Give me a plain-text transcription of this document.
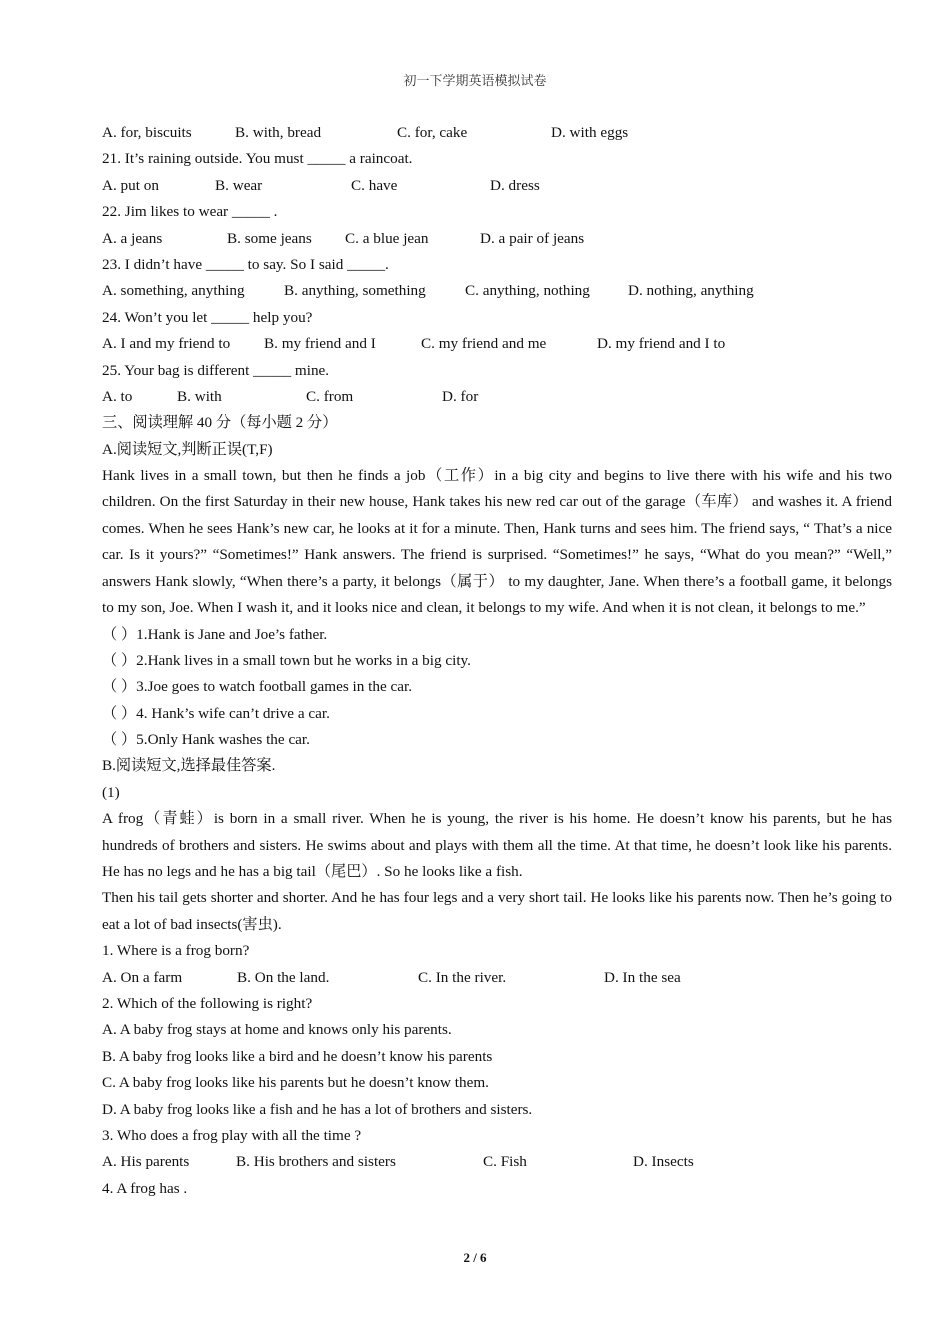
初一下学期英语模拟试卷
A. for, biscuits	B. with, bread	C. for, cake	D. with eggs
21. It’s raining outside. You must _____ a raincoat.
A. put on	B. wear	C. have	D. dress
22. Jim likes to wear _____ .
A. a jeans	B. some jeans C. a blue jean	D. a pair of jeans
23. I didn’t have _____ to say. So I said _____.
A. something, anything	B. anything, something	C. anything, nothing	D. nothing, anything
24. Won’t you let _____ help you?
A. I and my friend to B. my friend and I	C. my friend and me	D. my friend and I to
25. Your bag is different _____ mine.
A. to	B. with	C. from	D. for
三、阅读理解 40 分（每小题 2 分）
A.阅读短文,判断正误(T,F)

Hank lives in a small town, but then he finds a job（工作）in a big city and begins to live there with his wife and his two children. On the first Saturday in their new house, Hank takes his new red car out of the garage（车库） and washes it. A friend comes. When he sees Hank’s new car, he looks at it for a minute. Then, Hank turns and sees him. The friend says, “ That’s a nice car. Is it yours?” “Sometimes!” Hank answers. The friend is surprised. “Sometimes!” he says, “What do you mean?” “Well,” answers Hank slowly, “When there’s a party, it belongs（属于） to my daughter, Jane. When there’s a football game, it belongs to my son, Joe. When I wash it, and it looks nice and clean, it belongs to my wife. And when it is not clean, it belongs to me.”

（ ）1.Hank is Jane and Joe’s father.
（ ）2.Hank lives in a small town but he works in a big city.
（ ）3.Joe goes to watch football games in the car.
（ ）4. Hank’s wife can’t drive a car.
（ ）5.Only Hank washes the car.
B.阅读短文,选择最佳答案.
(1)

A frog（青蛙）is born in a small river. When he is young, the river is his home. He doesn’t know his parents, but he has hundreds of brothers and sisters. He swims about and plays with them all the time. At that time, he doesn’t look like his parents. He has no legs and he has a big tail（尾巴）. So he looks like a fish.

Then his tail gets shorter and shorter. And he has four legs and a very short tail. He looks like his parents now. Then he’s going to eat a lot of bad insects(害虫).

1. Where is a frog born?
A. On a farm	B. On the land.	C. In the river.	D. In the sea
2. Which of the following is right?
A. A baby frog stays at home and knows only his parents.
B. A baby frog looks like a bird and he doesn’t know his parents
C. A baby frog looks like his parents but he doesn’t know them.
D. A baby frog looks like a fish and he has a lot of brothers and sisters.
3. Who does a frog play with all the time ?
A. His parents	B. His brothers and sisters	C. Fish	D. Insects
4. A frog has .
2 / 6
